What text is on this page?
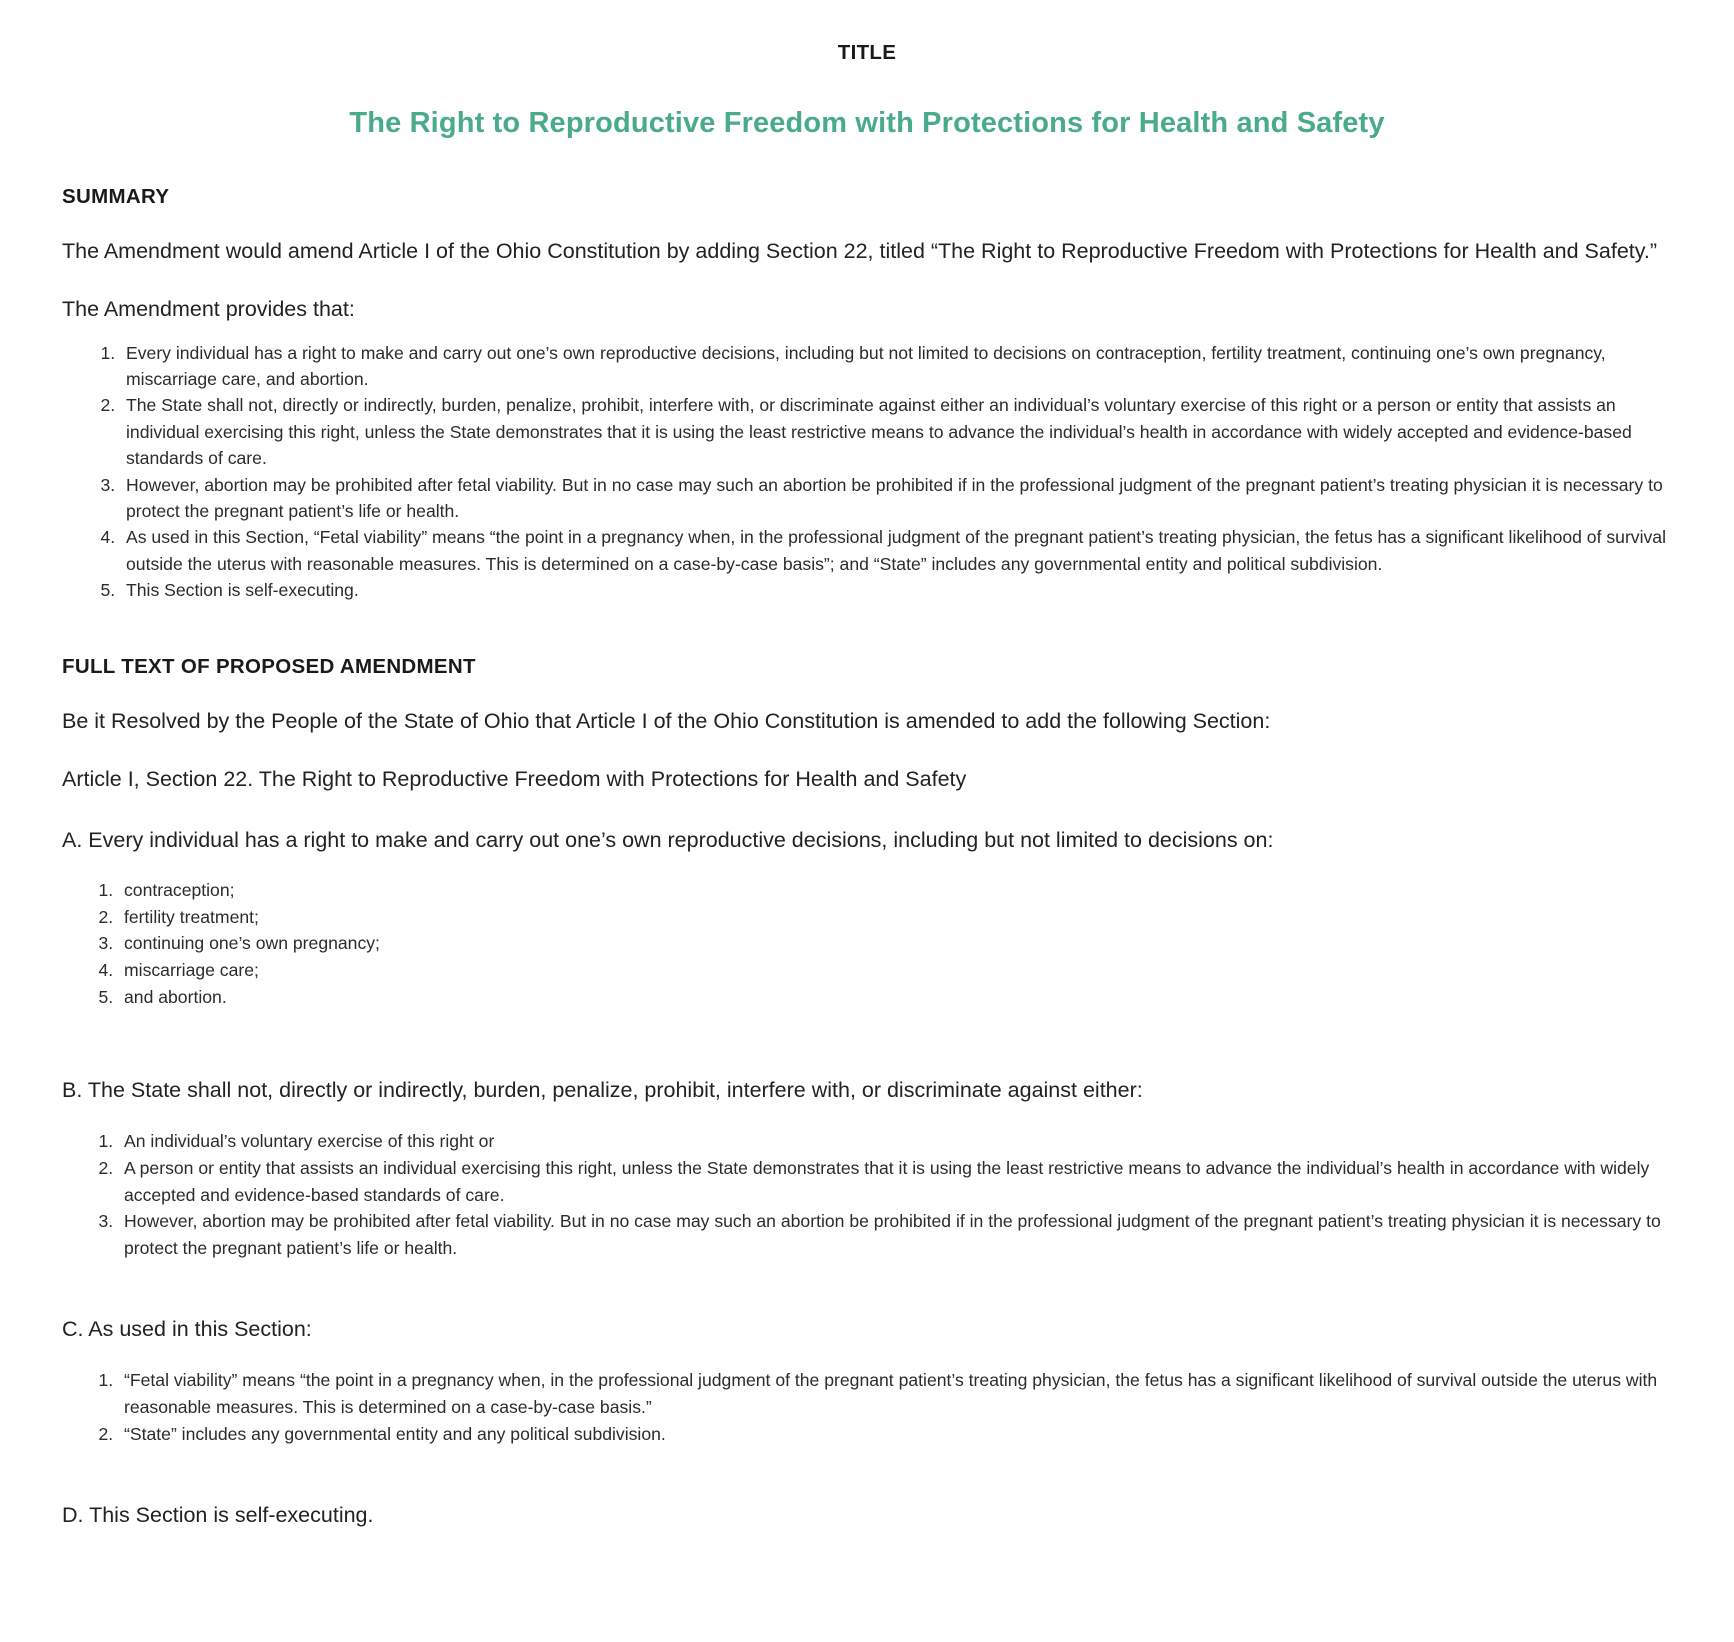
TITLE
The Right to Reproductive Freedom with Protections for Health and Safety
SUMMARY

The Amendment would amend Article I of the Ohio Constitution by adding Section 22, titled “The Right to Reproductive Freedom with Protections for Health and Safety.”

The Amendment provides that:

1. Every individual has a right to make and carry out one’s own reproductive decisions, including but not limited to decisions on contraception, fertility treatment, continuing one’s own pregnancy, miscarriage care, and abortion.
2. The State shall not, directly or indirectly, burden, penalize, prohibit, interfere with, or discriminate against either an individual’s voluntary exercise of this right or a person or entity that assists an individual exercising this right, unless the State demonstrates that it is using the least restrictive means to advance the individual’s health in accordance with widely accepted and evidence-based standards of care.
3. However, abortion may be prohibited after fetal viability. But in no case may such an abortion be prohibited if in the professional judgment of the pregnant patient’s treating physician it is necessary to protect the pregnant patient’s life or health.
4. As used in this Section, “Fetal viability” means “the point in a pregnancy when, in the professional judgment of the pregnant patient’s treating physician, the fetus has a significant likelihood of survival outside the uterus with reasonable measures. This is determined on a case-by-case basis”; and “State” includes any governmental entity and political subdivision.
5. This Section is self-executing.
FULL TEXT OF PROPOSED AMENDMENT

Be it Resolved by the People of the State of Ohio that Article I of the Ohio Constitution is amended to add the following Section:

Article I, Section 22. The Right to Reproductive Freedom with Protections for Health and Safety

A. Every individual has a right to make and carry out one’s own reproductive decisions, including but not limited to decisions on:

1. contraception;
2. fertility treatment;
3. continuing one’s own pregnancy;
4. miscarriage care;
5. and abortion.

B. The State shall not, directly or indirectly, burden, penalize, prohibit, interfere with, or discriminate against either:

1. An individual’s voluntary exercise of this right or
2. A person or entity that assists an individual exercising this right, unless the State demonstrates that it is using the least restrictive means to advance the individual’s health in accordance with widely accepted and evidence-based standards of care.
3. However, abortion may be prohibited after fetal viability. But in no case may such an abortion be prohibited if in the professional judgment of the pregnant patient’s treating physician it is necessary to protect the pregnant patient’s life or health.

C. As used in this Section:

1. “Fetal viability” means “the point in a pregnancy when, in the professional judgment of the pregnant patient’s treating physician, the fetus has a significant likelihood of survival outside the uterus with reasonable measures. This is determined on a case-by-case basis.”
2. “State” includes any governmental entity and any political subdivision.

D. This Section is self-executing.
